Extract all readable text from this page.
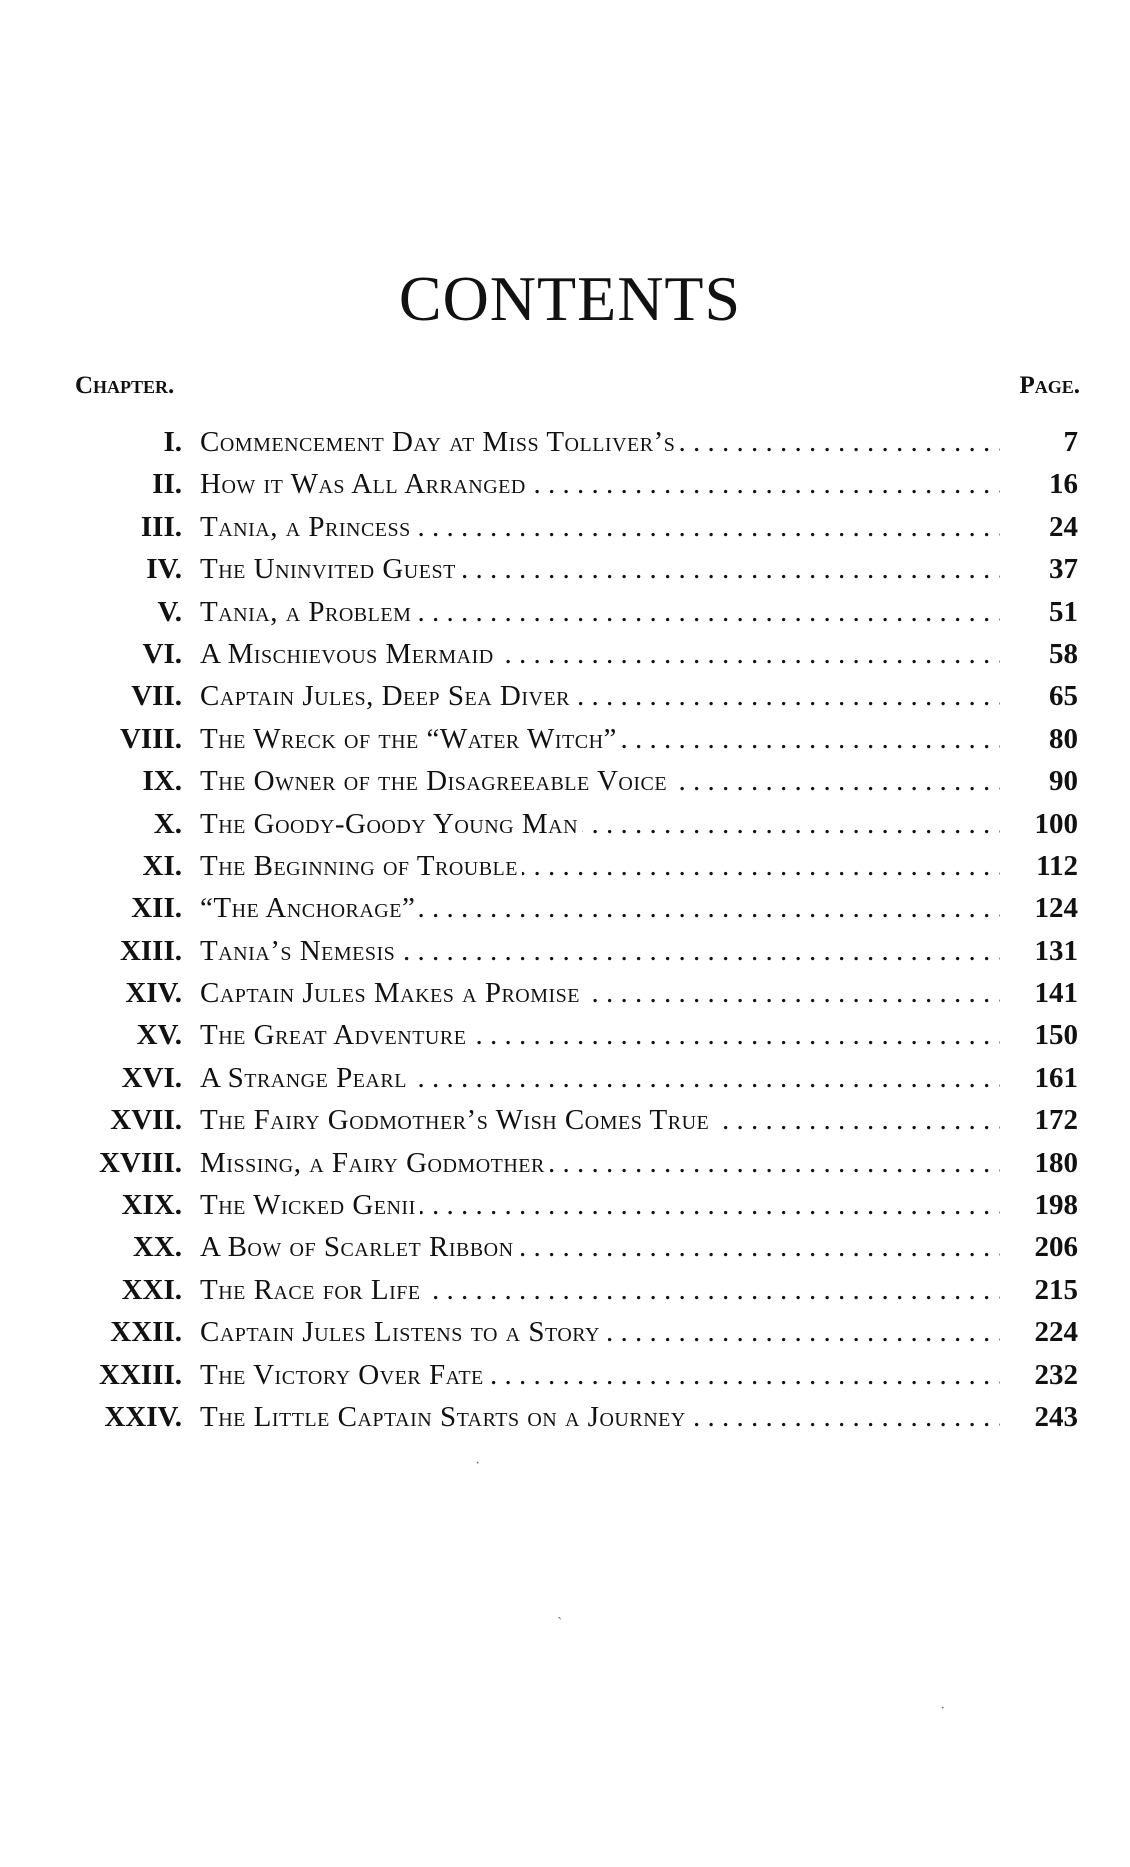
CONTENTS
Chapter.	Page.
I. Commencement Day at Miss Tolliver’s . . .	7
II. How it Was All Arranged . . .	16
III. Tania, a Princess . . .	24
IV. The Uninvited Guest . . .	37
V. Tania, a Problem . . .	51
VI. A Mischievous Mermaid . . .	58
VII. Captain Jules, Deep Sea Diver . . .	65
VIII. The Wreck of the “Water Witch” . . .	80
IX. The Owner of the Disagreeable Voice . . .	90
X. The Goody-Goody Young Man . . .	100
XI. The Beginning of Trouble . . .	112
XII. “The Anchorage” . . .	124
XIII. Tania’s Nemesis . . .	131
XIV. Captain Jules Makes a Promise . . .	141
XV. The Great Adventure . . .	150
XVI. A Strange Pearl . . .	161
XVII. The Fairy Godmother’s Wish Comes True . . .	172
XVIII. Missing, a Fairy Godmother . . .	180
XIX. The Wicked Genii . . .	198
XX. A Bow of Scarlet Ribbon . . .	206
XXI. The Race for Life . . .	215
XXII. Captain Jules Listens to a Story . . .	224
XXIII. The Victory Over Fate . . .	232
XXIV. The Little Captain Starts on a Journey . . .	243
·
`
·
